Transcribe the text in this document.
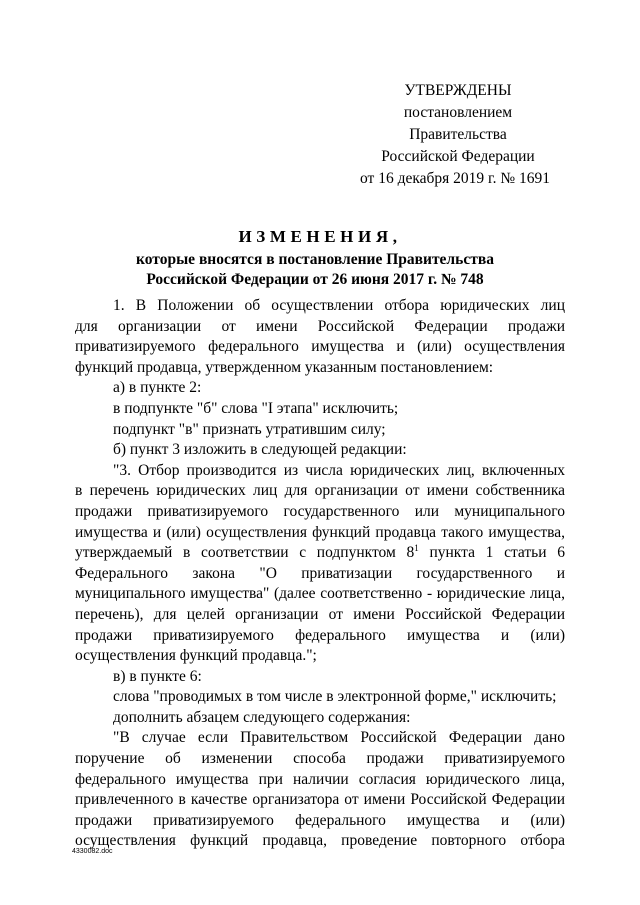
УТВЕРЖДЕНЫ
постановлением Правительства
Российской Федерации
от 16 декабря 2019 г. № 1691
ИЗМЕНЕНИЯ,
которые вносятся в постановление Правительства
Российской Федерации от 26 июня 2017 г. № 748

1. В Положении об осуществлении отбора юридических лиц

для организации от имени Российской Федерации продажи

приватизируемого федерального имущества и (или) осуществления

функций продавца, утвержденном указанным постановлением:

а) в пункте 2:

в подпункте "б" слова "I этапа" исключить;

подпункт "в" признать утратившим силу;

б) пункт 3 изложить в следующей редакции:

"3. Отбор производится из числа юридических лиц, включенных

в перечень юридических лиц для организации от имени собственника

продажи приватизируемого государственного или муниципального

имущества и (или) осуществления функций продавца такого имущества,

утверждаемый в соответствии с подпунктом $8^1$ пункта 1 статьи 6

Федерального закона "О приватизации государственного и

муниципального имущества" (далее соответственно - юридические лица,

перечень), для целей организации от имени Российской Федерации

продажи приватизируемого федерального имущества и (или)

осуществления функций продавца.";

в) в пункте 6:

слова "проводимых в том числе в электронной форме," исключить;

дополнить абзацем следующего содержания:

"В случае если Правительством Российской Федерации дано

поручение об изменении способа продажи приватизируемого

федерального имущества при наличии согласия юридического лица,

привлеченного в качестве организатора от имени Российской Федерации

продажи приватизируемого федерального имущества и (или)

осуществления функций продавца, проведение повторного отбора

4330082.doc
